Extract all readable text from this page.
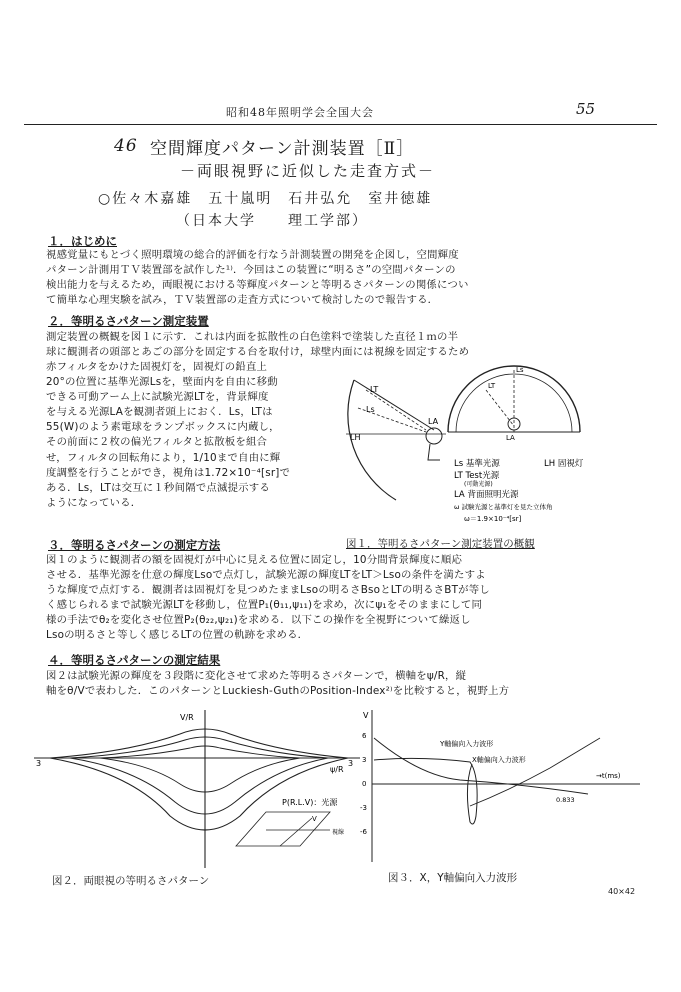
昭和48年照明学会全国大会	55
46 空間輝度パターン計測装置［Ⅱ］
－両眼視野に近似した走査方式－
○佐々木嘉雄　五十嵐明　石井弘允　室井徳雄
（日本大学　　理工学部）
１．はじめに
視感覚量にもとづく照明環境の総合的評価を行なう計測装置の開発を企図し，空間輝度
パターン計測用ＴＶ装置部を試作した¹⁾．今回はこの装置に“明るさ”の空間パターンの
検出能力を与えるため，両眼視における等輝度パターンと等明るさパターンの関係につい
て簡単な心理実験を試み，ＴＶ装置部の走査方式について検討したので報告する．
２．等明るさパターン測定装置
測定装置の概観を図１に示す．これは内面を拡散性の白色塗料で塗装した直径１ｍの半
球に観測者の頭部とあごの部分を固定する台を取付け，球壁内面には視線を固定するため
赤フィルタをかけた固視灯を，固視灯の鉛直上
20°の位置に基準光源Lsを，壁面内を自由に移動
できる可動アーム上に試験光源LTを，背景輝度
を与える光源LAを観測者頭上におく．Ls，LTは
55(W)のよう素電球をランプボックスに内蔵し，
その前面に２枚の偏光フィルタと拡散板を組合
せ，フィルタの回転角により，1/10まで自由に輝
度調整を行うことができ，視角は1.72×10⁻⁴[sr]で
ある．Ls，LTは交互に１秒间隔で点滅提示する
ようになっている．
LT
Ls
LH
LA
Ls
LT
LA
Ls 基準光源	LH 固視灯
LT Test光源
(可動光源)
LA 背面照明光源
ω 試験光源と基準灯を見た立体角
ω＝1.9×10⁻⁴[sr]
図１．等明るさパターン測定装置の概観
３．等明るさパターンの測定方法
図１のように観測者の額を固視灯が中心に見える位置に固定し，10分間背景輝度に順応
させる．基準光源を仕意の輝度Lsoで点灯し，試験光源の輝度LTをLT＞Lsoの条件を満たすよ
うな輝度で点灯する．観測者は固視灯を見つめたままLsoの明るさBsoとLTの明るさBTが等し
く感じられるまで試験光源LTを移動し，位置P₁(θ₁₁,ψ₁₁)を求め，次にψ₁をそのままにして同
様の手法でθ₂を変化させ位置P₂(θ₂₂,ψ₂₁)を求める．以下この操作を全視野について繰返し
Lsoの明るさと等しく感じるLTの位置の軌跡を求める．
４．等明るさパターンの測定結果
図２は試験光源の輝度を３段階に変化させて求めた等明るさパターンで，横軸をψ/R，縦
軸をθ/Vで表わした．このパターンとLuckiesh-GuthのPosition-Index²⁾を比較すると，視野上方
V/R
ψ/R
3	3
P(R.L.V)：光源
V
視線
図２．両眼視の等明るさパターン
V
→t(ms)
6
3
0
-3
-6
Y軸偏向入力波形
X軸偏向入力波形
0.833
図３．X，Y軸偏向入力波形
40×42
